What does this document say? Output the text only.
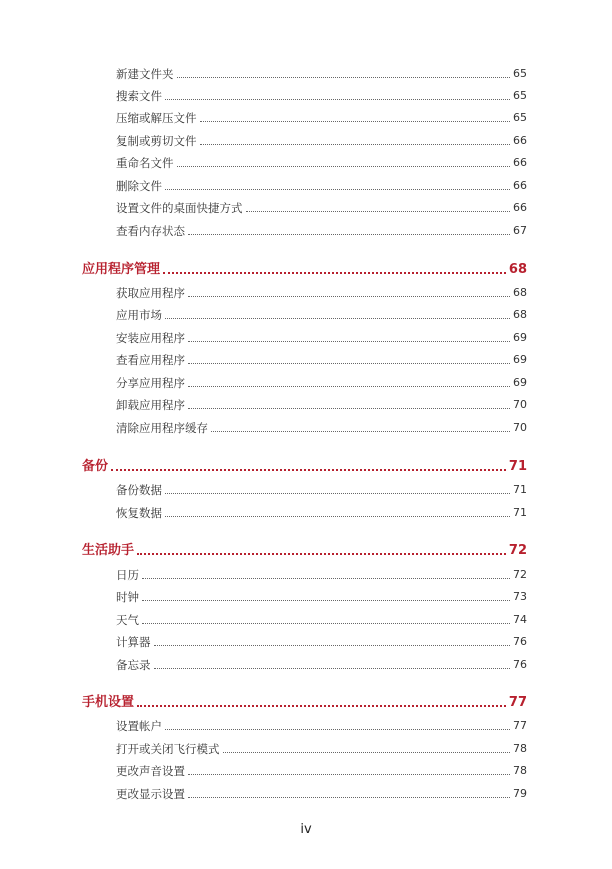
新建文件夹	65
搜索文件	65
压缩或解压文件	65
复制或剪切文件	66
重命名文件	66
删除文件	66
设置文件的桌面快捷方式	66
查看内存状态	67
应用程序管理	68
获取应用程序	68
应用市场	68
安装应用程序	69
查看应用程序	69
分享应用程序	69
卸载应用程序	70
清除应用程序缓存	70
备份	71
备份数据	71
恢复数据	71
生活助手	72
日历	72
时钟	73
天气	74
计算器	76
备忘录	76
手机设置	77
设置帐户	77
打开或关闭飞行模式	78
更改声音设置	78
更改显示设置	79
iv
